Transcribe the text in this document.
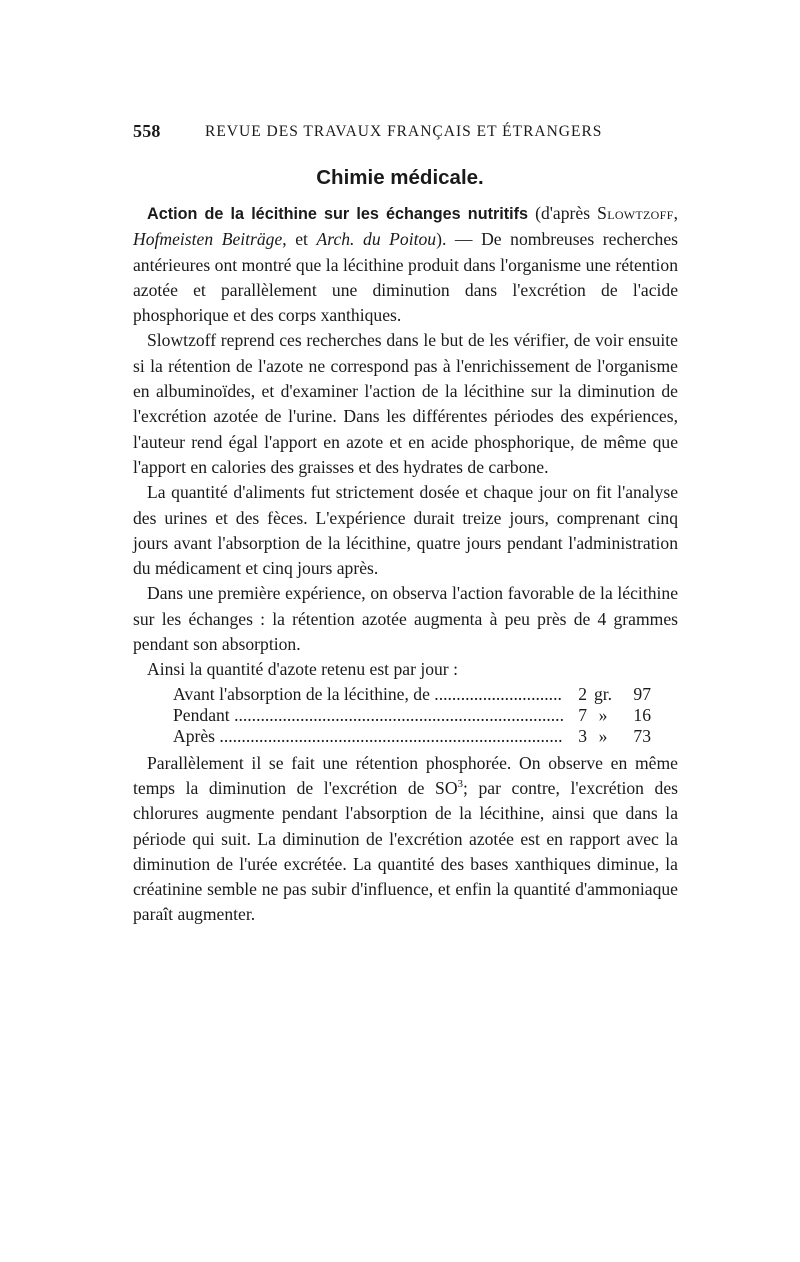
558	REVUE DES TRAVAUX FRANÇAIS ET ÉTRANGERS
Chimie médicale.

Action de la lécithine sur les échanges nutritifs (d'après Slowtzoff, Hofmeisten Beiträge, et Arch. du Poitou). — De nombreuses recherches antérieures ont montré que la lécithine produit dans l'organisme une rétention azotée et parallèlement une diminution dans l'excrétion de l'acide phosphorique et des corps xanthiques.

Slowtzoff reprend ces recherches dans le but de les vérifier, de voir ensuite si la rétention de l'azote ne correspond pas à l'enrichissement de l'organisme en albuminoïdes, et d'examiner l'action de la lécithine sur la diminution de l'excrétion azotée de l'urine. Dans les différentes périodes des expériences, l'auteur rend égal l'apport en azote et en acide phosphorique, de même que l'apport en calories des graisses et des hydrates de carbone.

La quantité d'aliments fut strictement dosée et chaque jour on fit l'analyse des urines et des fèces. L'expérience durait treize jours, comprenant cinq jours avant l'absorption de la lécithine, quatre jours pendant l'administration du médicament et cinq jours après.

Dans une première expérience, on observa l'action favorable de la lécithine sur les échanges : la rétention azotée augmenta à peu près de 4 grammes pendant son absorption.

Ainsi la quantité d'azote retenu est par jour :

Avant l'absorption de la lécithine, de .....	2 gr.	97
Pendant .....	7 »	16
Après .....	3 »	73

Parallèlement il se fait une rétention phosphorée. On observe en même temps la diminution de l'excrétion de $SO^3$; par contre, l'excrétion des chlorures augmente pendant l'absorption de la lécithine, ainsi que dans la période qui suit. La diminution de l'excrétion azotée est en rapport avec la diminution de l'urée excrétée. La quantité des bases xanthiques diminue, la créatinine semble ne pas subir d'influence, et enfin la quantité d'ammoniaque paraît augmenter.
